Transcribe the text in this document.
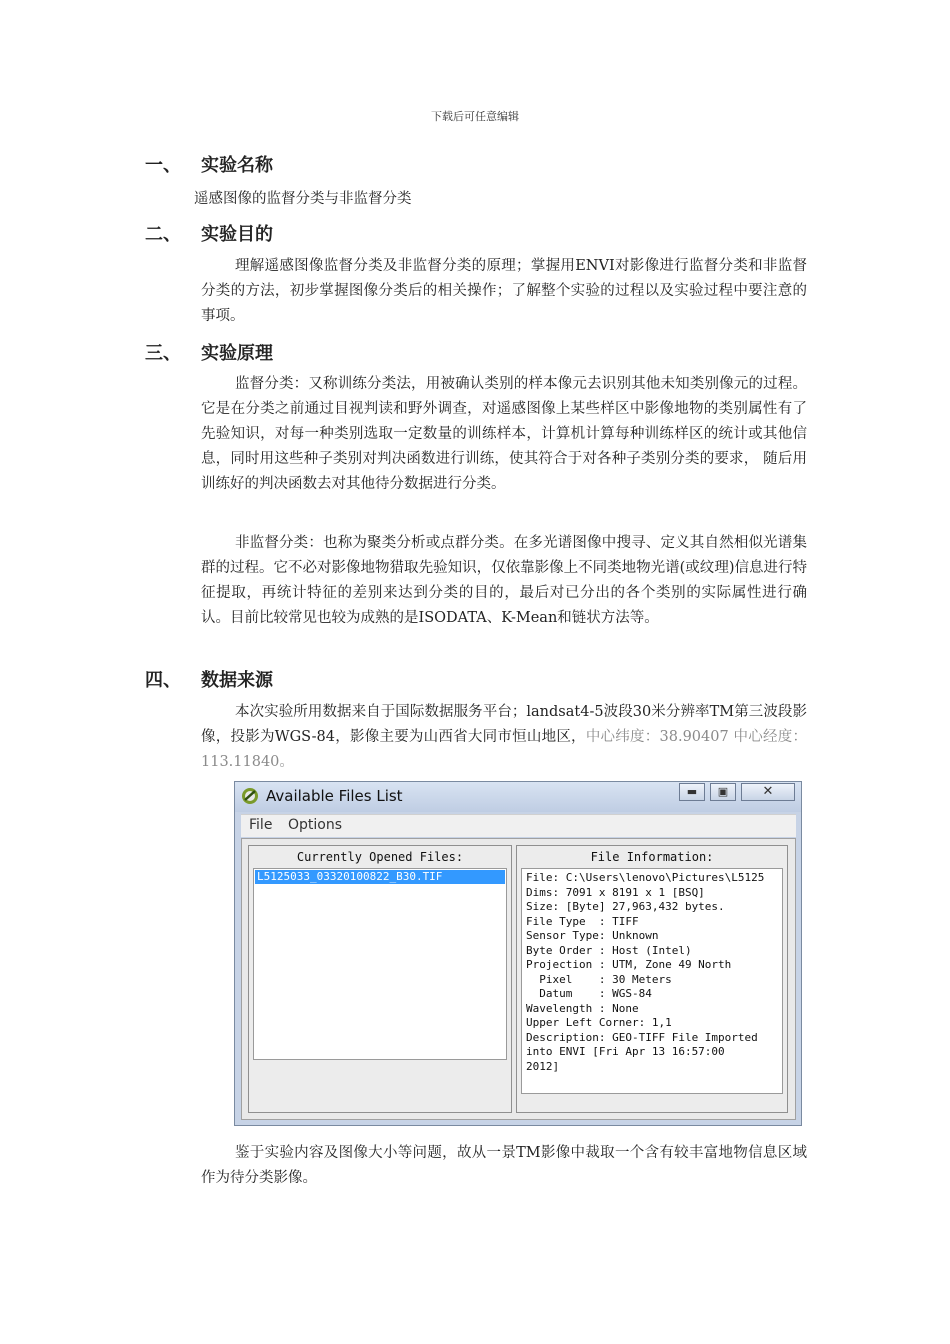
下载后可任意编辑
一、 实验名称
遥感图像的监督分类与非监督分类
二、 实验目的

理解遥感图像监督分类及非监督分类的原理；掌握用ENVI对影像进行监督分类和非监督分类的方法，初步掌握图像分类后的相关操作；了解整个实验的过程以及实验过程中要注意的事项。

三、 实验原理

监督分类：又称训练分类法，用被确认类别的样本像元去识别其他未知类别像元的过程。它是在分类之前通过目视判读和野外调查，对遥感图像上某些样区中影像地物的类别属性有了先验知识，对每一种类别选取一定数量的训练样本，计算机计算每种训练样区的统计或其他信息，同时用这些种子类别对判决函数进行训练，使其符合于对各种子类别分类的要求， 随后用训练好的判决函数去对其他待分数据进行分类。

非监督分类：也称为聚类分析或点群分类。在多光谱图像中搜寻、定义其自然相似光谱集群的过程。它不必对影像地物猎取先验知识，仅依靠影像上不同类地物光谱(或纹理)信息进行特征提取，再统计特征的差别来达到分类的目的，最后对已分出的各个类别的实际属性进行确认。目前比较常见也较为成熟的是ISODATA、K-Mean和链状方法等。

四、 数据来源

本次实验所用数据来自于国际数据服务平台；landsat4-5波段30米分辨率TM第三波段影像，投影为WGS-84，影像主要为山西省大同市恒山地区，中心纬度：38.90407 中心经度：113.11840。

Available Files List	▬	▣	✕
File Options
Currently Opened Files:
L5125033_03320100822_B30.TIF
File Information:
File: C:\Users\lenovo\Pictures\L5125
Dims: 7091 x 8191 x 1 [BSQ]
Size: [Byte] 27,963,432 bytes.
File Type  : TIFF
Sensor Type: Unknown
Byte Order : Host (Intel)
Projection : UTM, Zone 49 North
Pixel    : 30 Meters
Datum    : WGS-84
Wavelength : None
Upper Left Corner: 1,1
Description: GEO-TIFF File Imported
into ENVI [Fri Apr 13 16:57:00
2012]

鉴于实验内容及图像大小等问题，故从一景TM影像中裁取一个含有较丰富地物信息区域作为待分类影像。
